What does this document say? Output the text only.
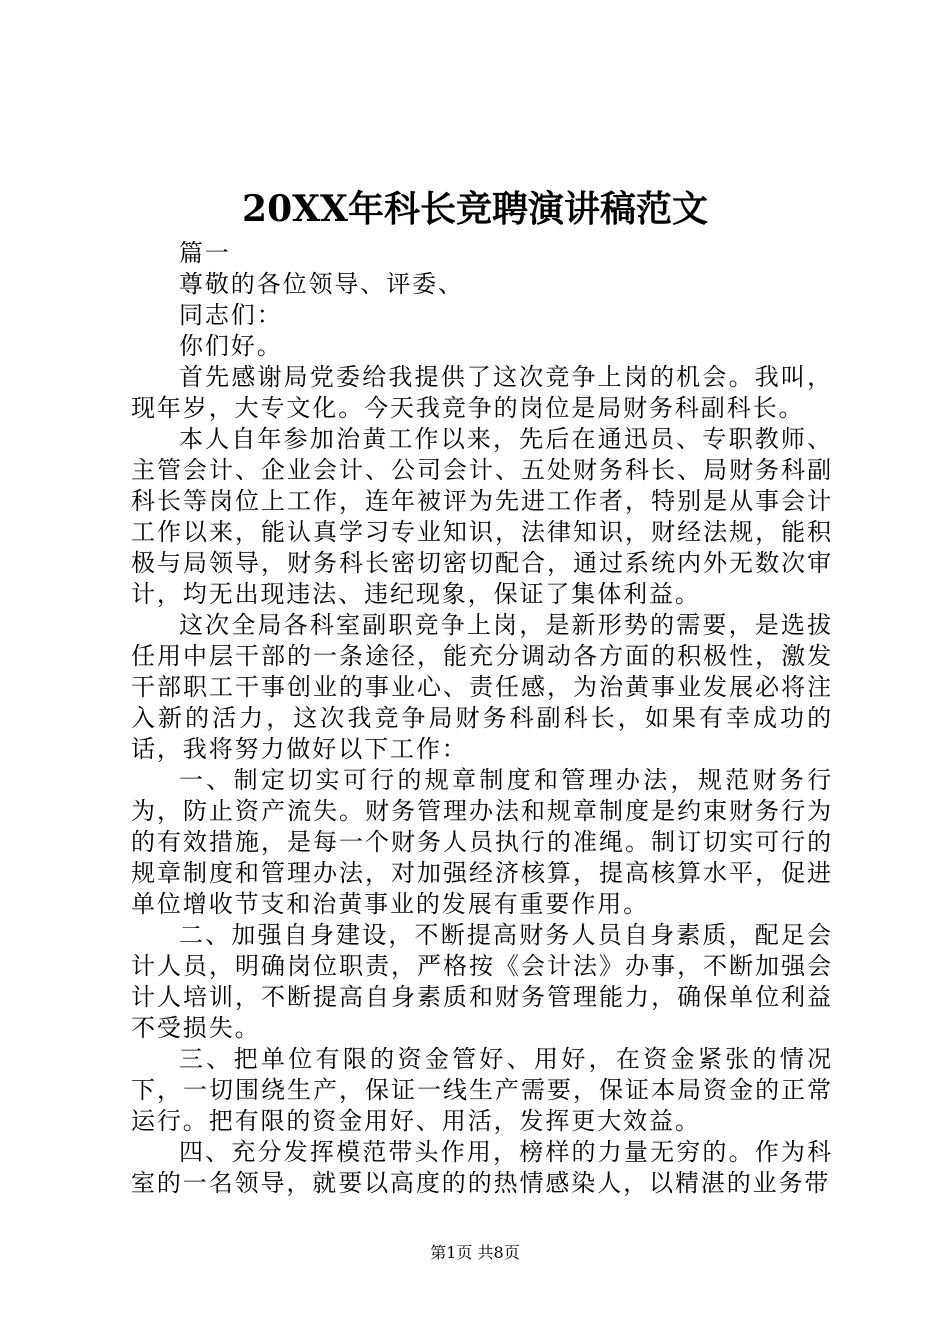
20XX年科长竞聘演讲稿范文

篇一

尊敬的各位领导、评委、

同志们：

你们好。

首先感谢局党委给我提供了这次竞争上岗的机会。我叫，现年岁，大专文化。今天我竞争的岗位是局财务科副科长。

本人自年参加治黄工作以来，先后在通迅员、专职教师、主管会计、企业会计、公司会计、五处财务科长、局财务科副科长等岗位上工作，连年被评为先进工作者，特别是从事会计工作以来，能认真学习专业知识，法律知识，财经法规，能积极与局领导，财务科长密切密切配合，通过系统内外无数次审计，均无出现违法、违纪现象，保证了集体利益。

这次全局各科室副职竞争上岗，是新形势的需要，是选拔任用中层干部的一条途径，能充分调动各方面的积极性，激发干部职工干事创业的事业心、责任感，为治黄事业发展必将注入新的活力，这次我竞争局财务科副科长，如果有幸成功的话，我将努力做好以下工作：

一、制定切实可行的规章制度和管理办法，规范财务行为，防止资产流失。财务管理办法和规章制度是约束财务行为的有效措施，是每一个财务人员执行的准绳。制订切实可行的规章制度和管理办法，对加强经济核算，提高核算水平，促进单位增收节支和治黄事业的发展有重要作用。

二、加强自身建设，不断提高财务人员自身素质，配足会计人员，明确岗位职责，严格按《会计法》办事，不断加强会计人培训，不断提高自身素质和财务管理能力，确保单位利益不受损失。

三、把单位有限的资金管好、用好，在资金紧张的情况下，一切围绕生产，保证一线生产需要，保证本局资金的正常运行。把有限的资金用好、用活，发挥更大效益。

四、充分发挥模范带头作用，榜样的力量无穷的。作为科室的一名领导，就要以高度的的热情感染人，以精湛的业务带

第1页 共8页
